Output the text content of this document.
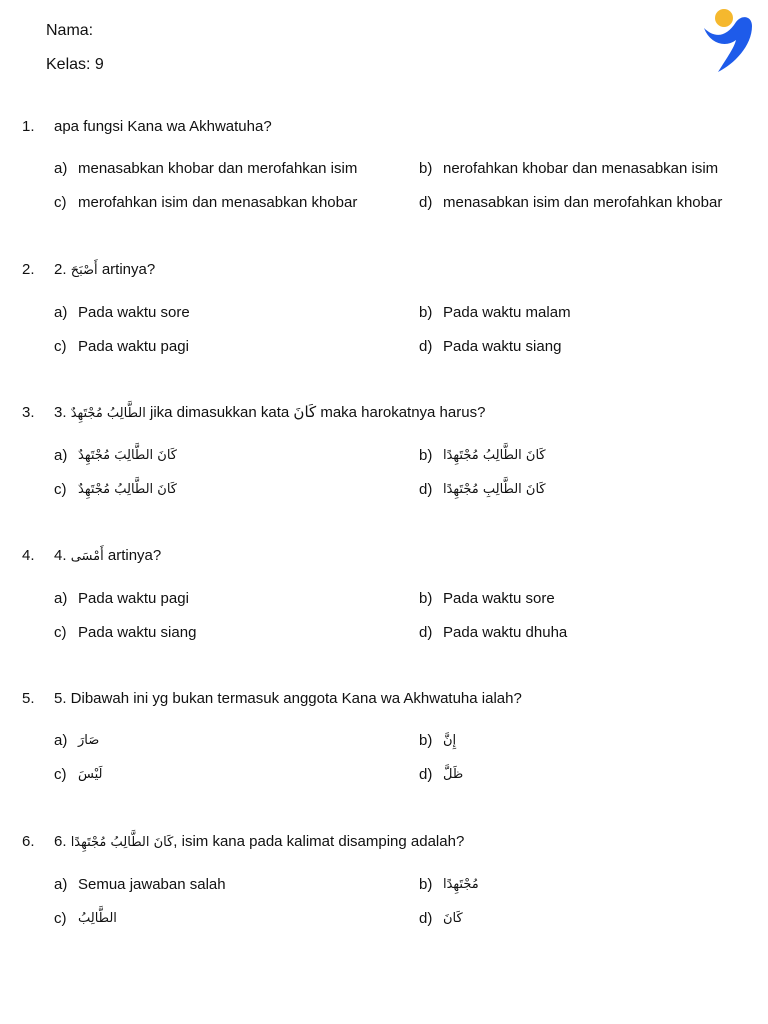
Nama:
Kelas: 9
1.	apa fungsi Kana wa Akhwatuha?
a) menasabkan khobar dan merofahkan isim	b) nerofahkan khobar dan menasabkan isim
c) merofahkan isim dan menasabkan khobar	d) menasabkan isim dan merofahkan khobar
2.	2. أَصْبَحَ artinya?
a) Pada waktu sore	b) Pada waktu malam
c) Pada waktu pagi	d) Pada waktu siang
3.	3. الطَّالِبُ مُجْتَهِدٌ jika dimasukkan kata كَانَ maka harokatnya harus?
a) كَانَ الطَّالِبَ مُجْتَهِدٌ	b) كَانَ الطَّالِبُ مُجْتَهِدًا
c) كَانَ الطَّالِبُ مُجْتَهِدٌ	d) كَانَ الطَّالِبِ مُجْتَهِدًا
4.	4. أَمْسَى artinya?
a) Pada waktu pagi	b) Pada waktu sore
c) Pada waktu siang	d) Pada waktu dhuha
5.	5. Dibawah ini yg bukan termasuk anggota Kana wa Akhwatuha ialah?
a) صَارَ	b) إِنَّ
c) لَيْسَ	d) ظَلَّ
6.	6. كَانَ الطَّالِبُ مُجْتَهِدًا, isim kana pada kalimat disamping adalah?
a) Semua jawaban salah	b) مُجْتَهِدًا
c) الطَّالِبُ	d) كَانَ
